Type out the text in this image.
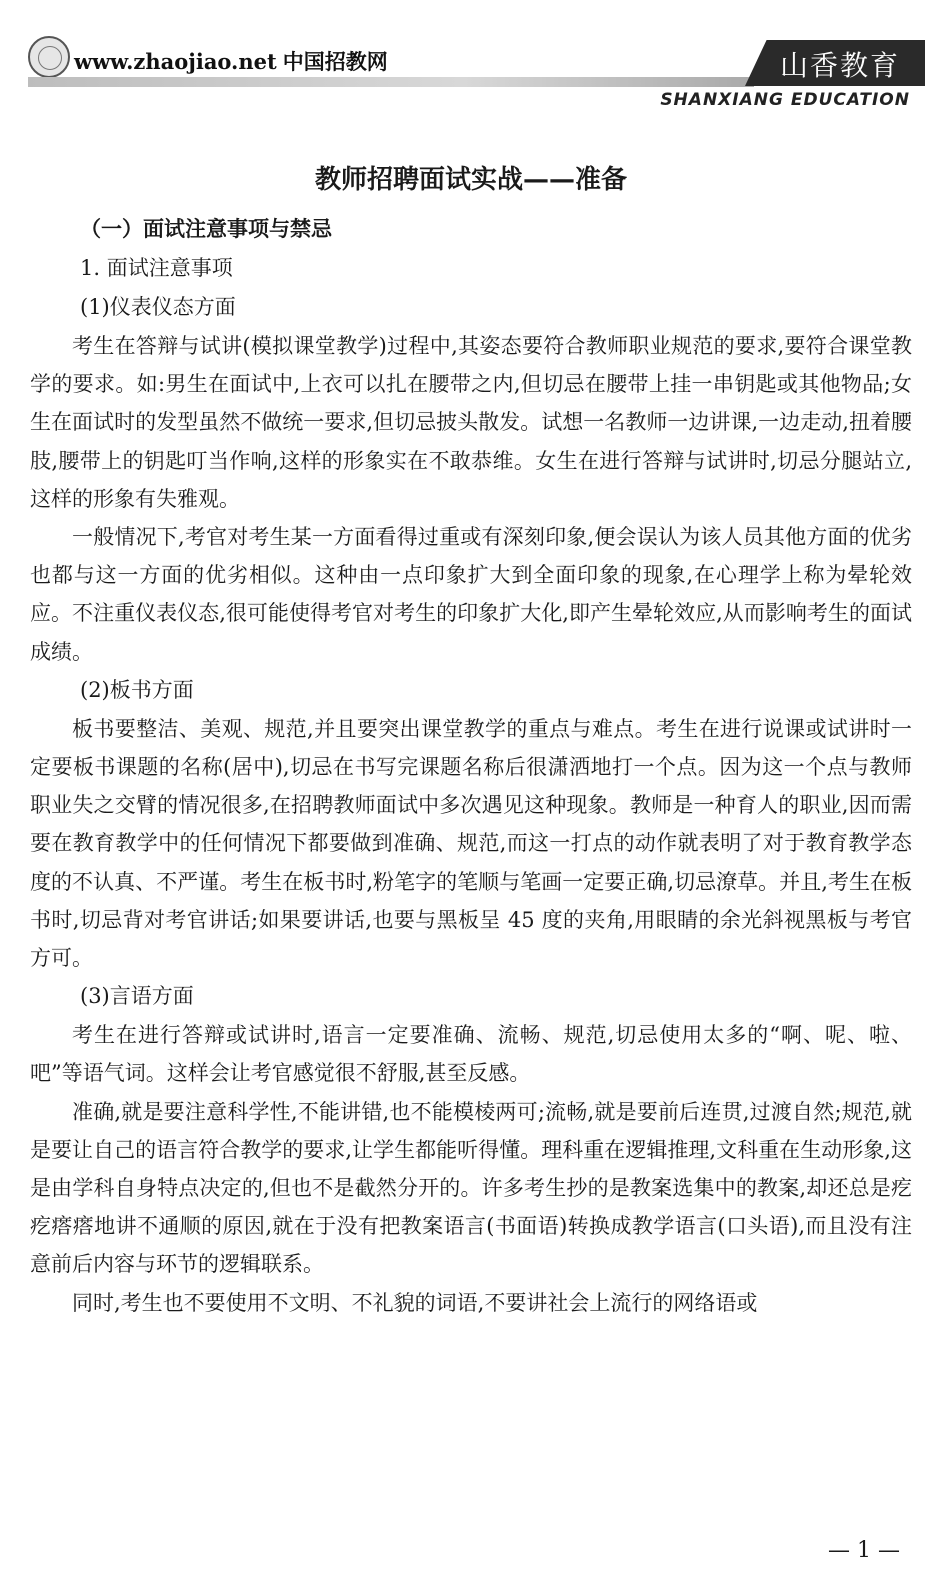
www.zhaojiao.net 中国招教网	山香教育
SHANXIANG EDUCATION
教师招聘面试实战——准备
（一）面试注意事项与禁忌
1. 面试注意事项
(1)仪表仪态方面

考生在答辩与试讲(模拟课堂教学)过程中,其姿态要符合教师职业规范的要求,要符合课堂教学的要求。如:男生在面试中,上衣可以扎在腰带之内,但切忌在腰带上挂一串钥匙或其他物品;女生在面试时的发型虽然不做统一要求,但切忌披头散发。试想一名教师一边讲课,一边走动,扭着腰肢,腰带上的钥匙叮当作响,这样的形象实在不敢恭维。女生在进行答辩与试讲时,切忌分腿站立,这样的形象有失雅观。

一般情况下,考官对考生某一方面看得过重或有深刻印象,便会误认为该人员其他方面的优劣也都与这一方面的优劣相似。这种由一点印象扩大到全面印象的现象,在心理学上称为晕轮效应。不注重仪表仪态,很可能使得考官对考生的印象扩大化,即产生晕轮效应,从而影响考生的面试成绩。

(2)板书方面

板书要整洁、美观、规范,并且要突出课堂教学的重点与难点。考生在进行说课或试讲时一定要板书课题的名称(居中),切忌在书写完课题名称后很潇洒地打一个点。因为这一个点与教师职业失之交臂的情况很多,在招聘教师面试中多次遇见这种现象。教师是一种育人的职业,因而需要在教育教学中的任何情况下都要做到准确、规范,而这一打点的动作就表明了对于教育教学态度的不认真、不严谨。考生在板书时,粉笔字的笔顺与笔画一定要正确,切忌潦草。并且,考生在板书时,切忌背对考官讲话;如果要讲话,也要与黑板呈 45 度的夹角,用眼睛的余光斜视黑板与考官方可。

(3)言语方面

考生在进行答辩或试讲时,语言一定要准确、流畅、规范,切忌使用太多的“啊、呢、啦、吧”等语气词。这样会让考官感觉很不舒服,甚至反感。

准确,就是要注意科学性,不能讲错,也不能模棱两可;流畅,就是要前后连贯,过渡自然;规范,就是要让自己的语言符合教学的要求,让学生都能听得懂。理科重在逻辑推理,文科重在生动形象,这是由学科自身特点决定的,但也不是截然分开的。许多考生抄的是教案选集中的教案,却还总是疙疙瘩瘩地讲不通顺的原因,就在于没有把教案语言(书面语)转换成教学语言(口头语),而且没有注意前后内容与环节的逻辑联系。

同时,考生也不要使用不文明、不礼貌的词语,不要讲社会上流行的网络语或

— 1 —
